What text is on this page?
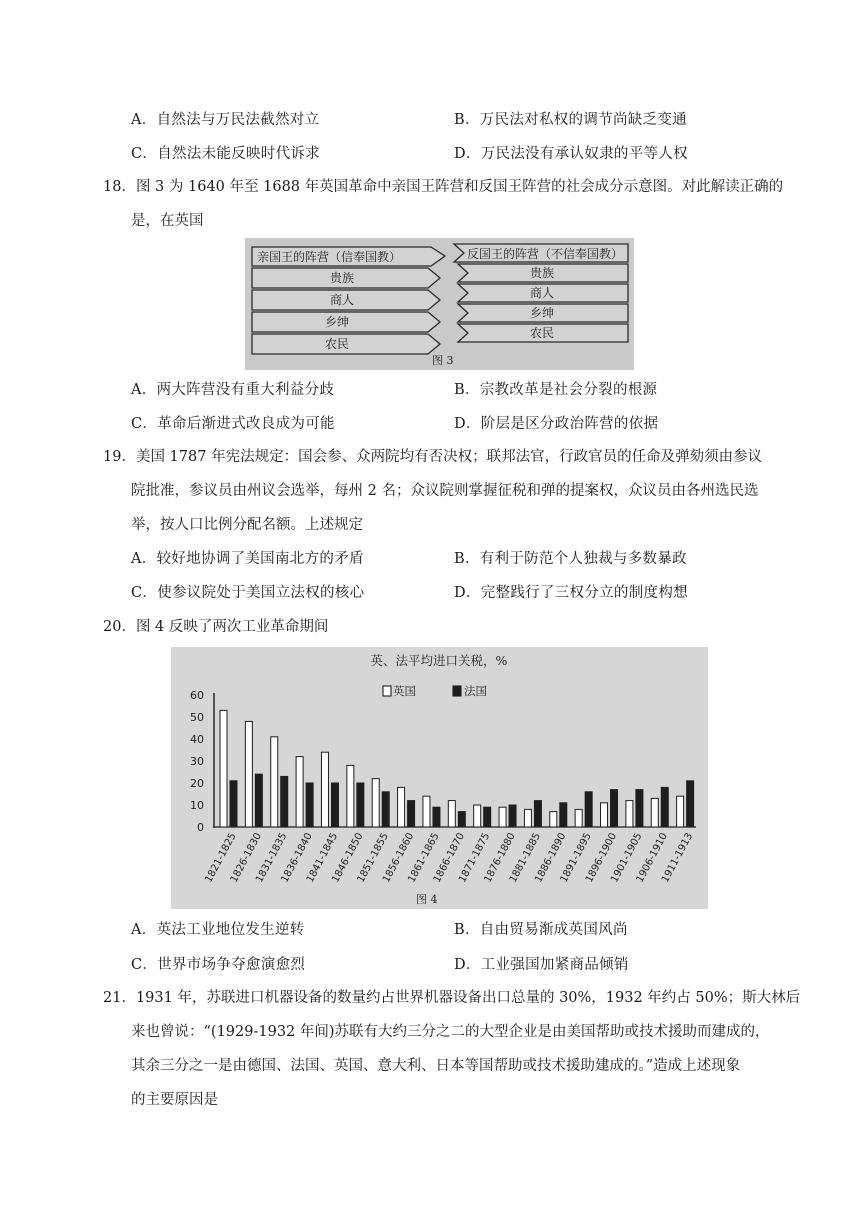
A．自然法与万民法截然对立	B．万民法对私权的调节尚缺乏变通
C．自然法未能反映时代诉求	D．万民法没有承认奴隶的平等人权
18．图 3 为 1640 年至 1688 年英国革命中亲国王阵营和反国王阵营的社会成分示意图。对此解读正确的
是，在英国
亲国王的阵营（信奉国教）
贵族
商人
乡绅
农民
反国王的阵营（不信奉国教）
贵族
商人
乡绅
农民
图 3
A．两大阵营没有重大利益分歧	B．宗教改革是社会分裂的根源
C．革命后渐进式改良成为可能	D．阶层是区分政治阵营的依据
19．美国 1787 年宪法规定：国会参、众两院均有否决权；联邦法官，行政官员的任命及弹劾须由参议
院批准，参议员由州议会选举，每州 2 名；众议院则掌握征税和弹的提案权，众议员由各州选民选
举，按人口比例分配名额。上述规定
A．较好地协调了美国南北方的矛盾	B．有利于防范个人独裁与多数暴政
C．使参议院处于美国立法权的核心	D．完整践行了三权分立的制度构想
20．图 4 反映了两次工业革命期间
英、法平均进口关税，%
英国	法国
0
10
20
30
40
50
60
1821-1825
1826-1830
1831-1835
1836-1840
1841-1845
1846-1850
1851-1855
1856-1860
1861-1865
1866-1870
1871-1875
1876-1880
1881-1885
1886-1890
1891-1895
1896-1900
1901-1905
1906-1910
1911-1913
图 4
A．英法工业地位发生逆转	B．自由贸易渐成英国风尚
C．世界市场争夺愈演愈烈	D．工业强国加紧商品倾销
21．1931 年，苏联进口机器设备的数量约占世界机器设备出口总量的 30%，1932 年约占 50%；斯大林后
来也曾说：“(1929-1932 年间)苏联有大约三分之二的大型企业是由美国帮助或技术援助而建成的，
其余三分之一是由德国、法国、英国、意大利、日本等国帮助或技术援助建成的。”造成上述现象
的主要原因是
